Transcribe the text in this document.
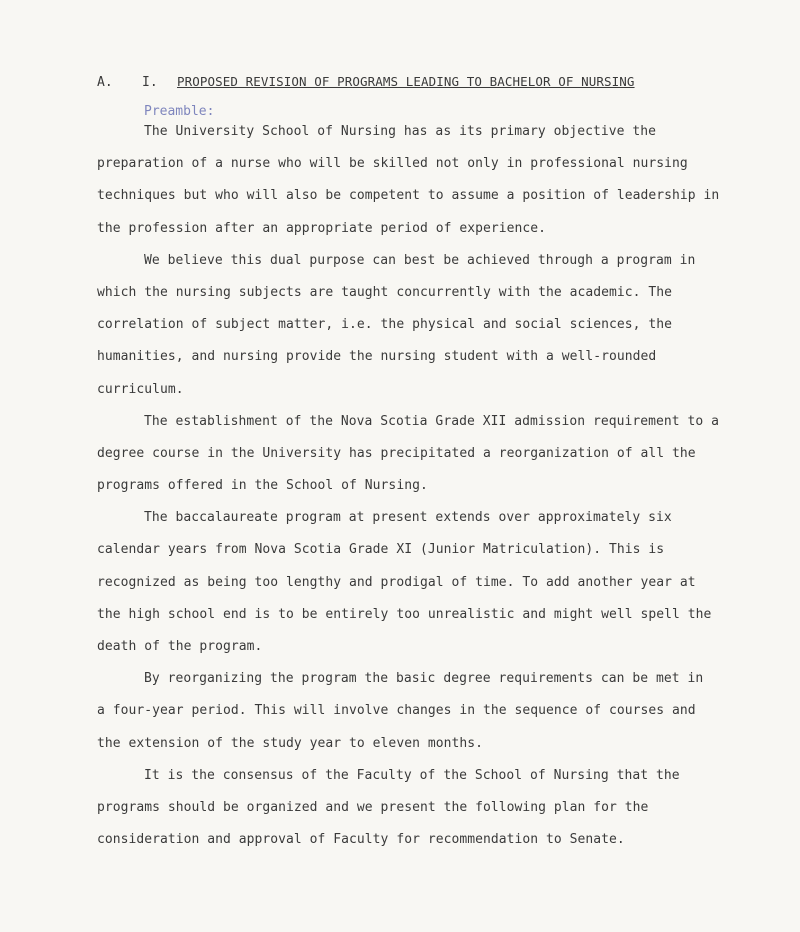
A. I. PROPOSED REVISION OF PROGRAMS LEADING TO BACHELOR OF NURSING
Preamble:
The University School of Nursing has as its primary objective the
preparation of a nurse who will be skilled not only in professional nursing
techniques but who will also be competent to assume a position of leadership in
the profession after an appropriate period of experience.
We believe this dual purpose can best be achieved through a program in
which the nursing subjects are taught concurrently with the academic. The
correlation of subject matter, i.e. the physical and social sciences, the
humanities, and nursing provide the nursing student with a well-rounded
curriculum.
The establishment of the Nova Scotia Grade XII admission requirement to a
degree course in the University has precipitated a reorganization of all the
programs offered in the School of Nursing.
The baccalaureate program at present extends over approximately six
calendar years from Nova Scotia Grade XI (Junior Matriculation). This is
recognized as being too lengthy and prodigal of time. To add another year at
the high school end is to be entirely too unrealistic and might well spell the
death of the program.
By reorganizing the program the basic degree requirements can be met in
a four-year period. This will involve changes in the sequence of courses and
the extension of the study year to eleven months.
It is the consensus of the Faculty of the School of Nursing that the
programs should be organized and we present the following plan for the
consideration and approval of Faculty for recommendation to Senate.
